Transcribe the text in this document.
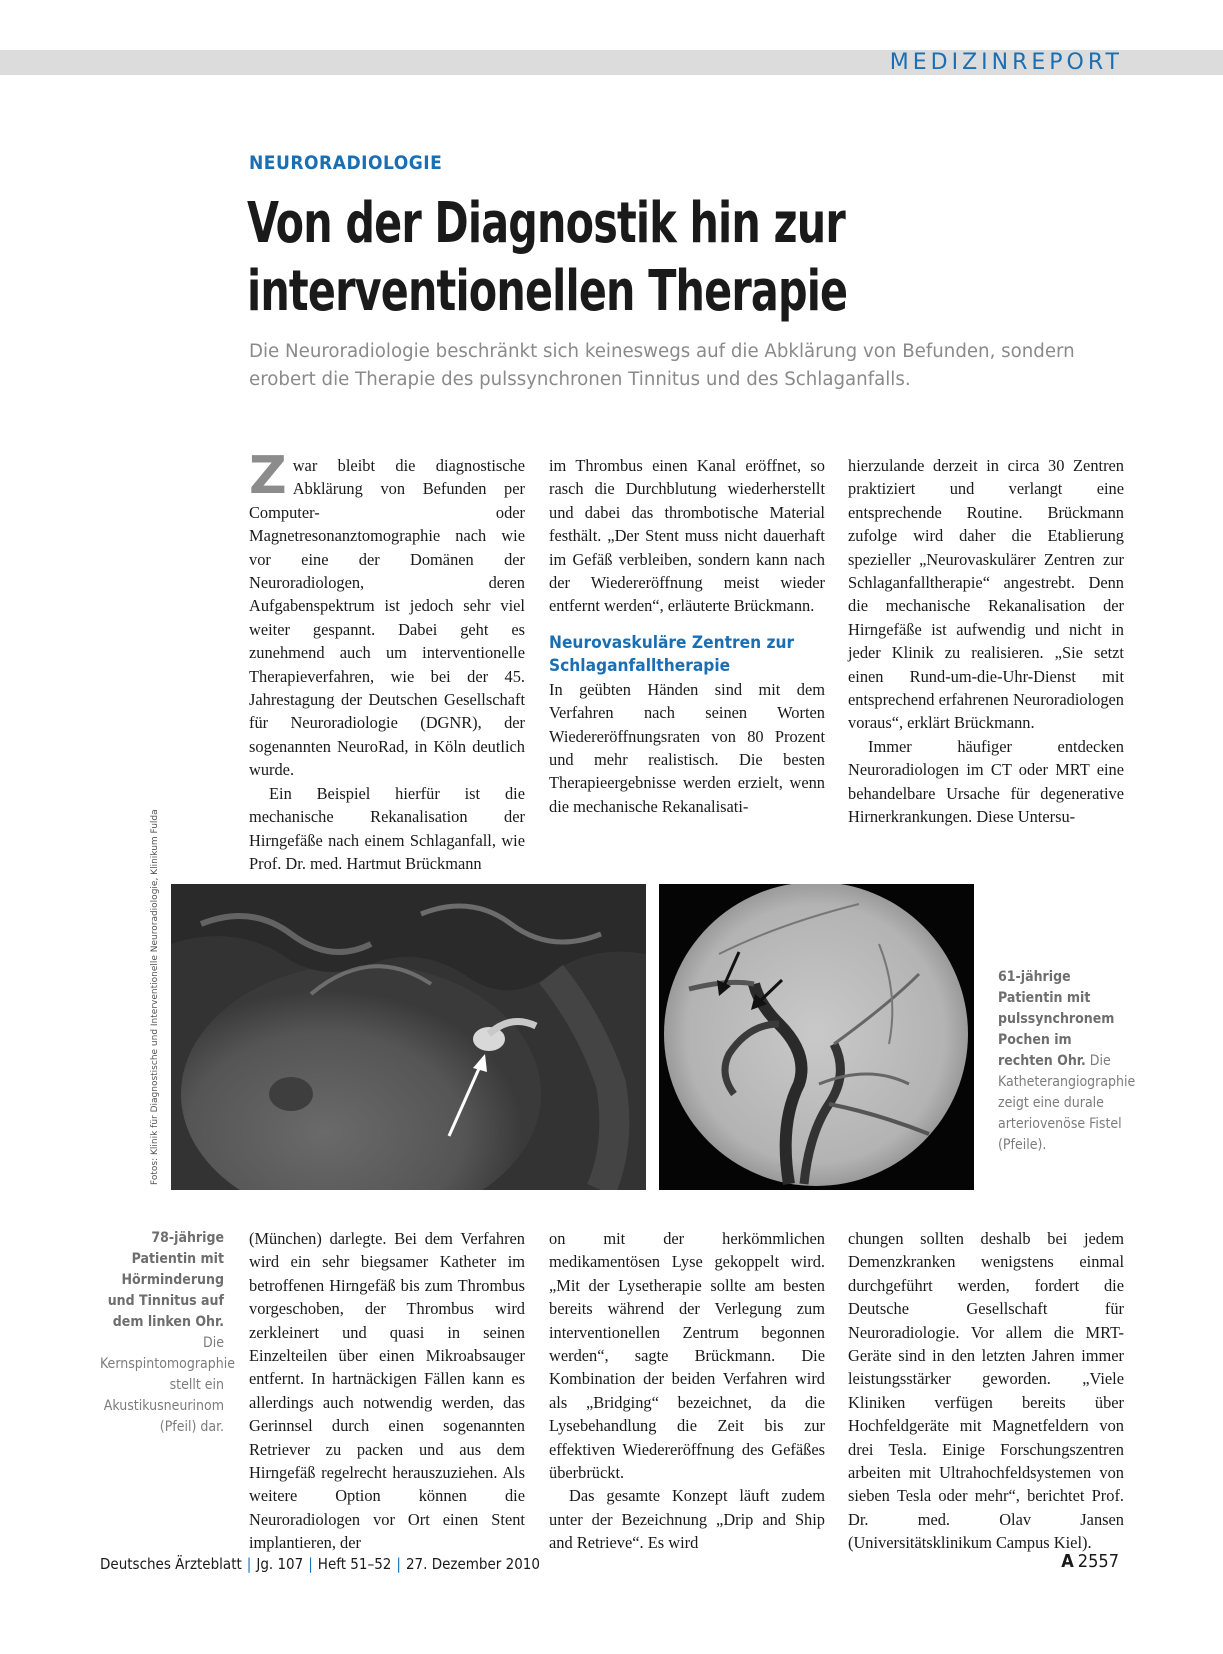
MEDIZINREPORT
NEURORADIOLOGIE
Von der Diagnostik hin zur
interventionellen Therapie
Die Neuroradiologie beschränkt sich keineswegs auf die Abklärung von Befunden, sondern erobert die Therapie des pulssynchronen Tinnitus und des Schlaganfalls.

Zwar bleibt die diagnostische Abklärung von Befunden per Computer- oder Magnetresonanztomographie nach wie vor eine der Domänen der Neuroradiologen, deren Aufgabenspektrum ist jedoch sehr viel weiter gespannt. Dabei geht es zunehmend auch um interventionelle Therapieverfahren, wie bei der 45. Jahrestagung der Deutschen Gesellschaft für Neuroradiologie (DGNR), der sogenannten NeuroRad, in Köln deutlich wurde.

Ein Beispiel hierfür ist die mechanische Rekanalisation der Hirngefäße nach einem Schlaganfall, wie Prof. Dr. med. Hartmut Brückmann

im Thrombus einen Kanal eröffnet, so rasch die Durchblutung wiederherstellt und dabei das thrombotische Material festhält. „Der Stent muss nicht dauerhaft im Gefäß verbleiben, sondern kann nach der Wiedereröffnung meist wieder entfernt werden“, erläuterte Brückmann.

Neurovaskuläre Zentren zur Schlaganfalltherapie

In geübten Händen sind mit dem Verfahren nach seinen Worten Wiedereröffnungsraten von 80 Prozent und mehr realistisch. Die besten Therapieergebnisse werden erzielt, wenn die mechanische Rekanalisati-

hierzulande derzeit in circa 30 Zentren praktiziert und verlangt eine entsprechende Routine. Brückmann zufolge wird daher die Etablierung spezieller „Neurovaskulärer Zentren zur Schlaganfalltherapie“ angestrebt. Denn die mechanische Rekanalisation der Hirngefäße ist aufwendig und nicht in jeder Klinik zu realisieren. „Sie setzt einen Rund-um-die-Uhr-Dienst mit entsprechend erfahrenen Neuroradiologen voraus“, erklärt Brückmann.

Immer häufiger entdecken Neuroradiologen im CT oder MRT eine behandelbare Ursache für degenerative Hirnerkrankungen. Diese Untersu-

Fotos: Klinik für Diagnostische und Interventionelle Neuroradiologie, Klinikum Fulda	61-jährige Patientin mit pulssynchronem Pochen im rechten Ohr. Die Katheterangiographie zeigt eine durale arteriovenöse Fistel (Pfeile).
78-jährige Patientin mit Hörminderung und Tinnitus auf dem linken Ohr. Die Kernspintomographie stellt ein Akustikusneurinom (Pfeil) dar.

(München) darlegte. Bei dem Verfahren wird ein sehr biegsamer Katheter im betroffenen Hirngefäß bis zum Thrombus vorgeschoben, der Thrombus wird zerkleinert und quasi in seinen Einzelteilen über einen Mikroabsauger entfernt. In hartnäckigen Fällen kann es allerdings auch notwendig werden, das Gerinnsel durch einen sogenannten Retriever zu packen und aus dem Hirngefäß regelrecht herauszuziehen. Als weitere Option können die Neuroradiologen vor Ort einen Stent implantieren, der

on mit der herkömmlichen medikamentösen Lyse gekoppelt wird. „Mit der Lysetherapie sollte am besten bereits während der Verlegung zum interventionellen Zentrum begonnen werden“, sagte Brückmann. Die Kombination der beiden Verfahren wird als „Bridging“ bezeichnet, da die Lysebehandlung die Zeit bis zur effektiven Wiedereröffnung des Gefäßes überbrückt.

Das gesamte Konzept läuft zudem unter der Bezeichnung „Drip and Ship and Retrieve“. Es wird

chungen sollten deshalb bei jedem Demenzkranken wenigstens einmal durchgeführt werden, fordert die Deutsche Gesellschaft für Neuroradiologie. Vor allem die MRT-Geräte sind in den letzten Jahren immer leistungsstärker geworden. „Viele Kliniken verfügen bereits über Hochfeldgeräte mit Magnetfeldern von drei Tesla. Einige Forschungszentren arbeiten mit Ultrahochfeldsystemen von sieben Tesla oder mehr“, berichtet Prof. Dr. med. Olav Jansen (Universitätsklinikum Campus Kiel).

Deutsches Ärzteblatt | Jg. 107 | Heft 51–52 | 27. Dezember 2010	A 2557
